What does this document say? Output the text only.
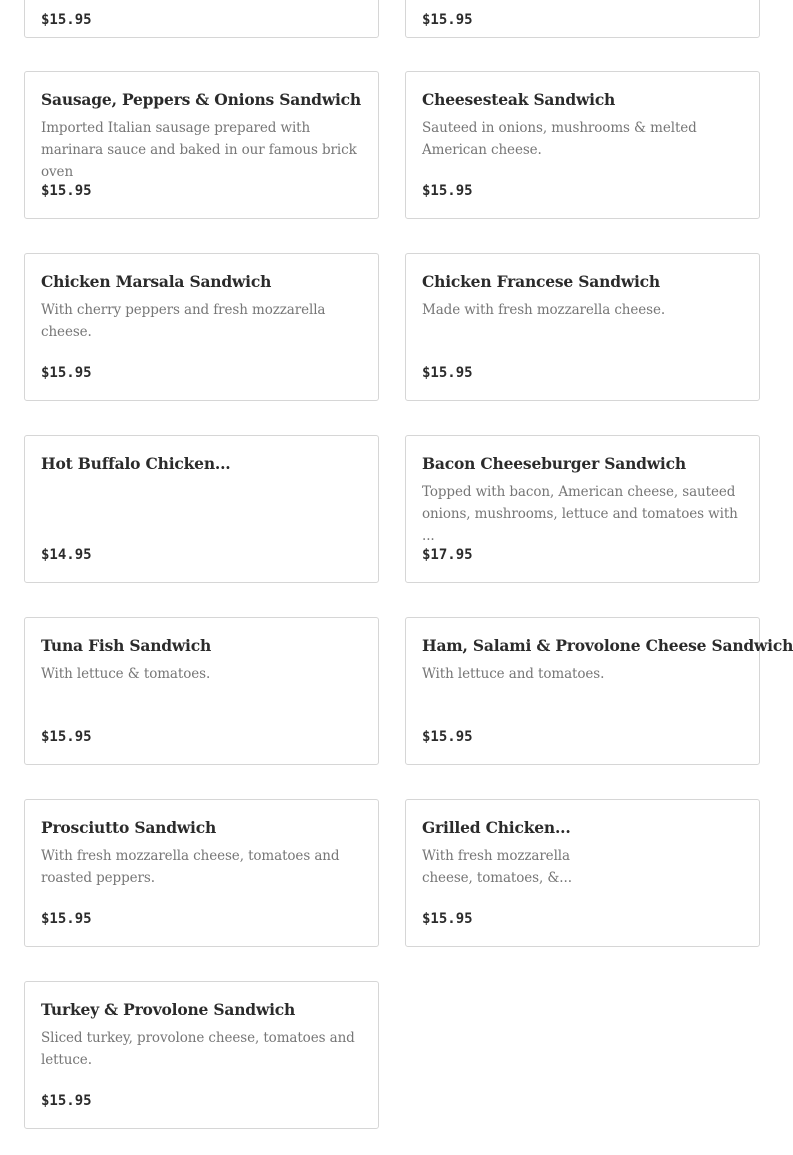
$15.95	$15.95
Sausage, Peppers & Onions Sandwich
Imported Italian sausage prepared with marinara sauce and baked in our famous brick oven
$15.95
Cheesesteak Sandwich
Sauteed in onions, mushrooms & melted American cheese.
$15.95
Chicken Marsala Sandwich
With cherry peppers and fresh mozzarella cheese.
$15.95
Chicken Francese Sandwich
Made with fresh mozzarella cheese.
$15.95
Hot Buffalo Chicken...
$14.95
Bacon Cheeseburger Sandwich
Topped with bacon, American cheese, sauteed onions, mushrooms, lettuce and tomatoes with ...
$17.95
Tuna Fish Sandwich
With lettuce & tomatoes.
$15.95
Ham, Salami & Provolone Cheese Sandwich
With lettuce and tomatoes.
$15.95
Prosciutto Sandwich
With fresh mozzarella cheese, tomatoes and roasted peppers.
$15.95
Grilled Chicken...
With fresh mozzarella cheese, tomatoes, &...
$15.95
Turkey & Provolone Sandwich
Sliced turkey, provolone cheese, tomatoes and lettuce.
$15.95
